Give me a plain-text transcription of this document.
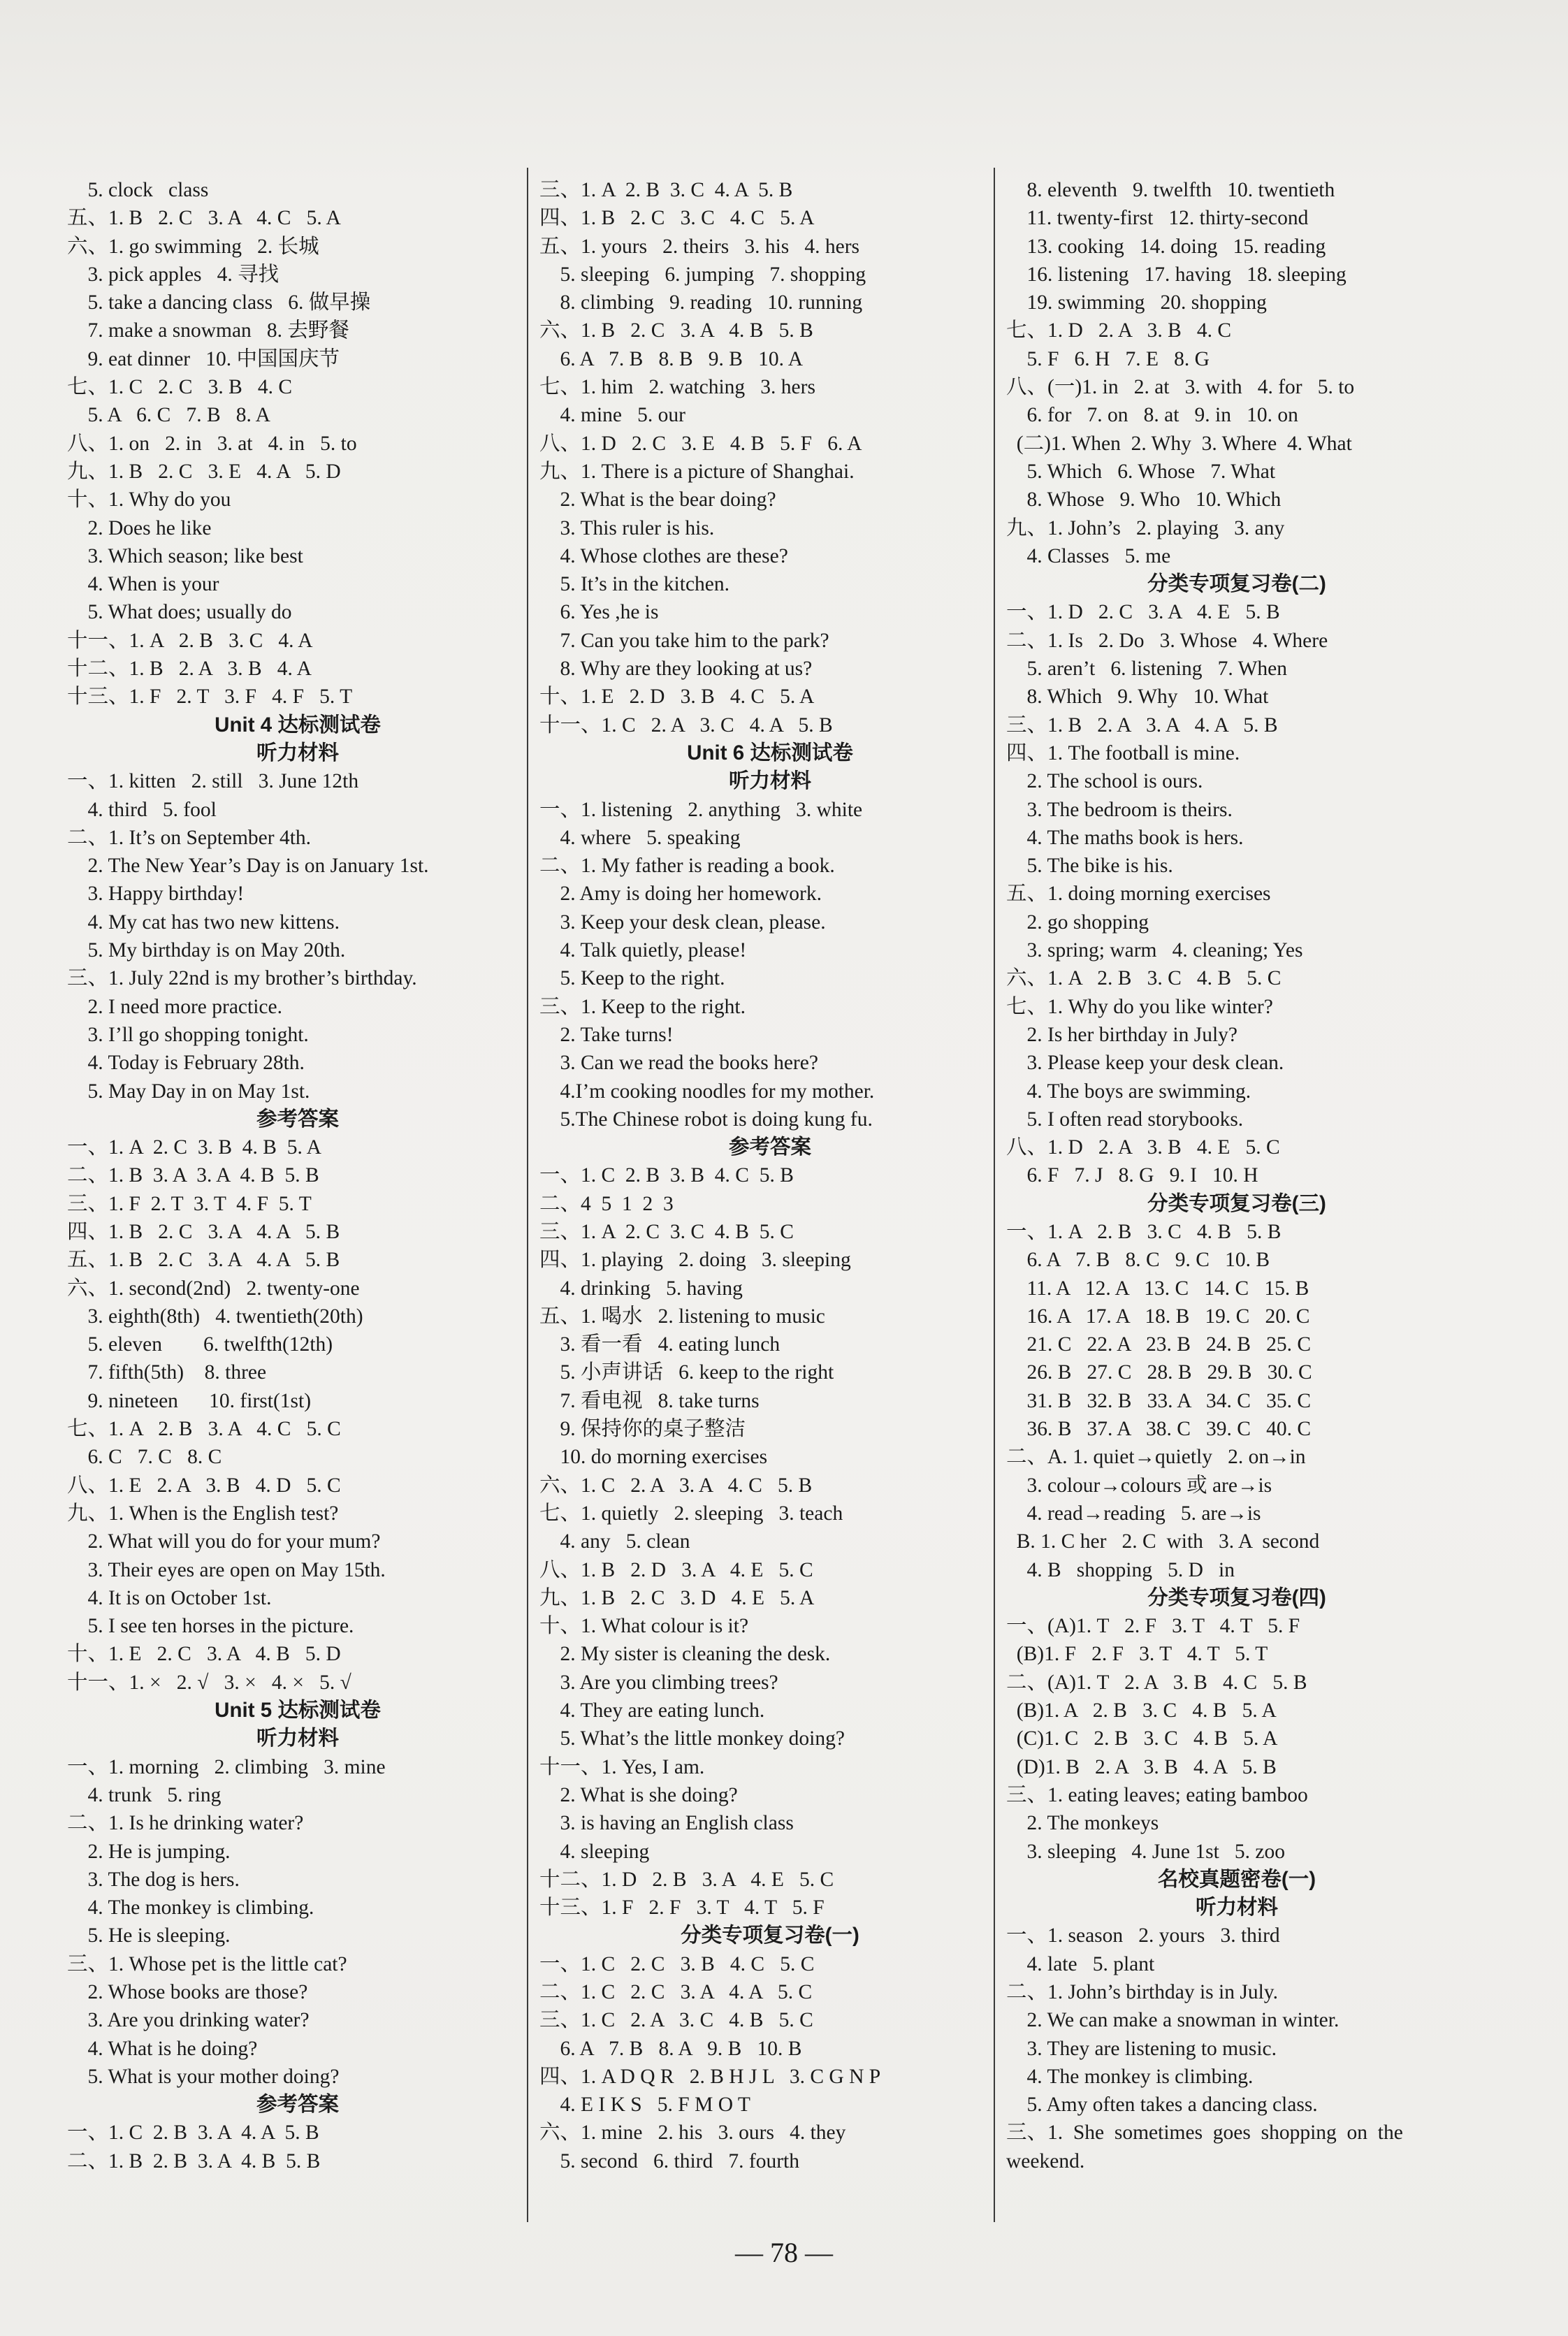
5. clock   class
五、1. B   2. C   3. A   4. C   5. A
六、1. go swimming   2. 长城
3. pick apples   4. 寻找
5. take a dancing class   6. 做早操
7. make a snowman   8. 去野餐
9. eat dinner   10. 中国国庆节
七、1. C   2. C   3. B   4. C
5. A   6. C   7. B   8. A
八、1. on   2. in   3. at   4. in   5. to
九、1. B   2. C   3. E   4. A   5. D
十、1. Why do you
2. Does he like
3. Which season; like best
4. When is your
5. What does; usually do
十一、1. A   2. B   3. C   4. A
十二、1. B   2. A   3. B   4. A
十三、1. F   2. T   3. F   4. F   5. T
Unit 4 达标测试卷
听力材料
一、1. kitten   2. still   3. June 12th
4. third   5. fool
二、1. It’s on September 4th.
2. The New Year’s Day is on January 1st.
3. Happy birthday!
4. My cat has two new kittens.
5. My birthday is on May 20th.
三、1. July 22nd is my brother’s birthday.
2. I need more practice.
3. I’ll go shopping tonight.
4. Today is February 28th.
5. May Day in on May 1st.
参考答案
一、1. A  2. C  3. B  4. B  5. A
二、1. B  3. A  3. A  4. B  5. B
三、1. F  2. T  3. T  4. F  5. T
四、1. B   2. C   3. A   4. A   5. B
五、1. B   2. C   3. A   4. A   5. B
六、1. second(2nd)   2. twenty-one
3. eighth(8th)   4. twentieth(20th)
5. eleven        6. twelfth(12th)
7. fifth(5th)    8. three
9. nineteen      10. first(1st)
七、1. A   2. B   3. A   4. C   5. C
6. C   7. C   8. C
八、1. E   2. A   3. B   4. D   5. C
九、1. When is the English test?
2. What will you do for your mum?
3. Their eyes are open on May 15th.
4. It is on October 1st.
5. I see ten horses in the picture.
十、1. E   2. C   3. A   4. B   5. D
十一、1. ×   2. √   3. ×   4. ×   5. √
Unit 5 达标测试卷
听力材料
一、1. morning   2. climbing   3. mine
4. trunk   5. ring
二、1. Is he drinking water?
2. He is jumping.
3. The dog is hers.
4. The monkey is climbing.
5. He is sleeping.
三、1. Whose pet is the little cat?
2. Whose books are those?
3. Are you drinking water?
4. What is he doing?
5. What is your mother doing?
参考答案
一、1. C  2. B  3. A  4. A  5. B
二、1. B  2. B  3. A  4. B  5. B
三、1. A  2. B  3. C  4. A  5. B
四、1. B   2. C   3. C   4. C   5. A
五、1. yours   2. theirs   3. his   4. hers
5. sleeping   6. jumping   7. shopping
8. climbing   9. reading   10. running
六、1. B   2. C   3. A   4. B   5. B
6. A   7. B   8. B   9. B   10. A
七、1. him   2. watching   3. hers
4. mine   5. our
八、1. D   2. C   3. E   4. B   5. F   6. A
九、1. There is a picture of Shanghai.
2. What is the bear doing?
3. This ruler is his.
4. Whose clothes are these?
5. It’s in the kitchen.
6. Yes ,he is
7. Can you take him to the park?
8. Why are they looking at us?
十、1. E   2. D   3. B   4. C   5. A
十一、1. C   2. A   3. C   4. A   5. B
Unit 6 达标测试卷
听力材料
一、1. listening   2. anything   3. white
4. where   5. speaking
二、1. My father is reading a book.
2. Amy is doing her homework.
3. Keep your desk clean, please.
4. Talk quietly, please!
5. Keep to the right.
三、1. Keep to the right.
2. Take turns!
3. Can we read the books here?
4.I’m cooking noodles for my mother.
5.The Chinese robot is doing kung fu.
参考答案
一、1. C  2. B  3. B  4. C  5. B
二、4  5  1  2  3
三、1. A  2. C  3. C  4. B  5. C
四、1. playing   2. doing   3. sleeping
4. drinking   5. having
五、1. 喝水   2. listening to music
3. 看一看   4. eating lunch
5. 小声讲话   6. keep to the right
7. 看电视   8. take turns
9. 保持你的桌子整洁
10. do morning exercises
六、1. C   2. A   3. A   4. C   5. B
七、1. quietly   2. sleeping   3. teach
4. any   5. clean
八、1. B   2. D   3. A   4. E   5. C
九、1. B   2. C   3. D   4. E   5. A
十、1. What colour is it?
2. My sister is cleaning the desk.
3. Are you climbing trees?
4. They are eating lunch.
5. What’s the little monkey doing?
十一、1. Yes, I am.
2. What is she doing?
3. is having an English class
4. sleeping
十二、1. D   2. B   3. A   4. E   5. C
十三、1. F   2. F   3. T   4. T   5. F
分类专项复习卷(一)
一、1. C   2. C   3. B   4. C   5. C
二、1. C   2. C   3. A   4. A   5. C
三、1. C   2. A   3. C   4. B   5. C
6. A   7. B   8. A   9. B   10. B
四、1. A D Q R   2. B H J L   3. C G N P
4. E I K S   5. F M O T
六、1. mine   2. his   3. ours   4. they
5. second   6. third   7. fourth
8. eleventh   9. twelfth   10. twentieth
11. twenty-first   12. thirty-second
13. cooking   14. doing   15. reading
16. listening   17. having   18. sleeping
19. swimming   20. shopping
七、1. D   2. A   3. B   4. C
5. F   6. H   7. E   8. G
八、(一)1. in   2. at   3. with   4. for   5. to
6. for   7. on   8. at   9. in   10. on
(二)1. When  2. Why  3. Where  4. What
5. Which   6. Whose   7. What
8. Whose   9. Who   10. Which
九、1. John’s   2. playing   3. any
4. Classes   5. me
分类专项复习卷(二)
一、1. D   2. C   3. A   4. E   5. B
二、1. Is   2. Do   3. Whose   4. Where
5. aren’t   6. listening   7. When
8. Which   9. Why   10. What
三、1. B   2. A   3. A   4. A   5. B
四、1. The football is mine.
2. The school is ours.
3. The bedroom is theirs.
4. The maths book is hers.
5. The bike is his.
五、1. doing morning exercises
2. go shopping
3. spring; warm   4. cleaning; Yes
六、1. A   2. B   3. C   4. B   5. C
七、1. Why do you like winter?
2. Is her birthday in July?
3. Please keep your desk clean.
4. The boys are swimming.
5. I often read storybooks.
八、1. D   2. A   3. B   4. E   5. C
6. F   7. J   8. G   9. I   10. H
分类专项复习卷(三)
一、1. A   2. B   3. C   4. B   5. B
6. A   7. B   8. C   9. C   10. B
11. A   12. A   13. C   14. C   15. B
16. A   17. A   18. B   19. C   20. C
21. C   22. A   23. B   24. B   25. C
26. B   27. C   28. B   29. B   30. C
31. B   32. B   33. A   34. C   35. C
36. B   37. A   38. C   39. C   40. C
二、A. 1. quiet→quietly   2. on→in
3. colour→colours 或 are→is
4. read→reading   5. are→is
B. 1. C her   2. C  with   3. A  second
4. B   shopping   5. D   in
分类专项复习卷(四)
一、(A)1. T   2. F   3. T   4. T   5. F
(B)1. F   2. F   3. T   4. T   5. T
二、(A)1. T   2. A   3. B   4. C   5. B
(B)1. A   2. B   3. C   4. B   5. A
(C)1. C   2. B   3. C   4. B   5. A
(D)1. B   2. A   3. B   4. A   5. B
三、1. eating leaves; eating bamboo
2. The monkeys
3. sleeping   4. June 1st   5. zoo
名校真题密卷(一)
听力材料
一、1. season   2. yours   3. third
4. late   5. plant
二、1. John’s birthday is in July.
2. We can make a snowman in winter.
3. They are listening to music.
4. The monkey is climbing.
5. Amy often takes a dancing class.
三、1.  She  sometimes  goes  shopping  on  the
weekend.
— 78 —
